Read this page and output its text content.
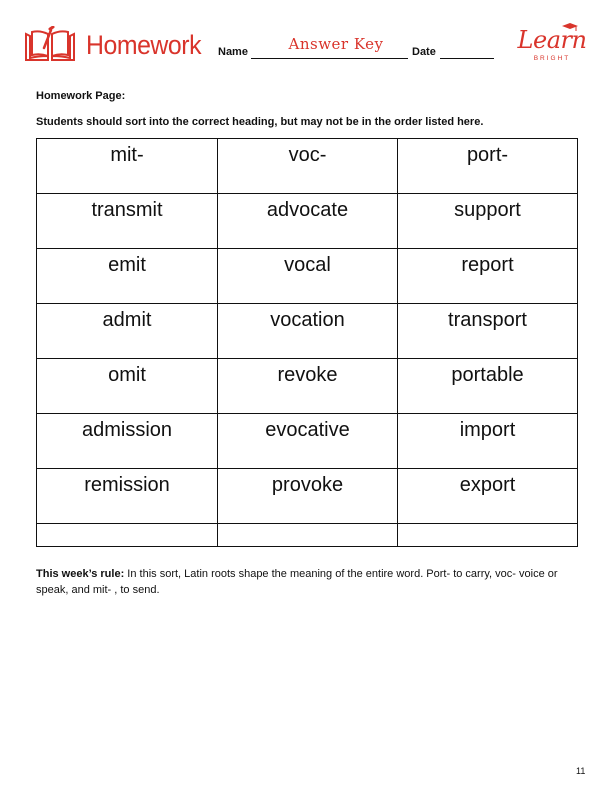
Homework Name	Answer Key	Date	Learn
BRIGHT
Homework Page:
Students should sort into the correct heading, but may not be in the order listed here.
mit-	voc-	port-
transmit	advocate	support
emit	vocal	report
admit	vocation	transport
omit	revoke	portable
admission	evocative	import
remission	provoke	export

This week’s rule: In this sort, Latin roots shape the meaning of the entire word. Port- to carry, voc- voice or speak, and mit- , to send.
11
